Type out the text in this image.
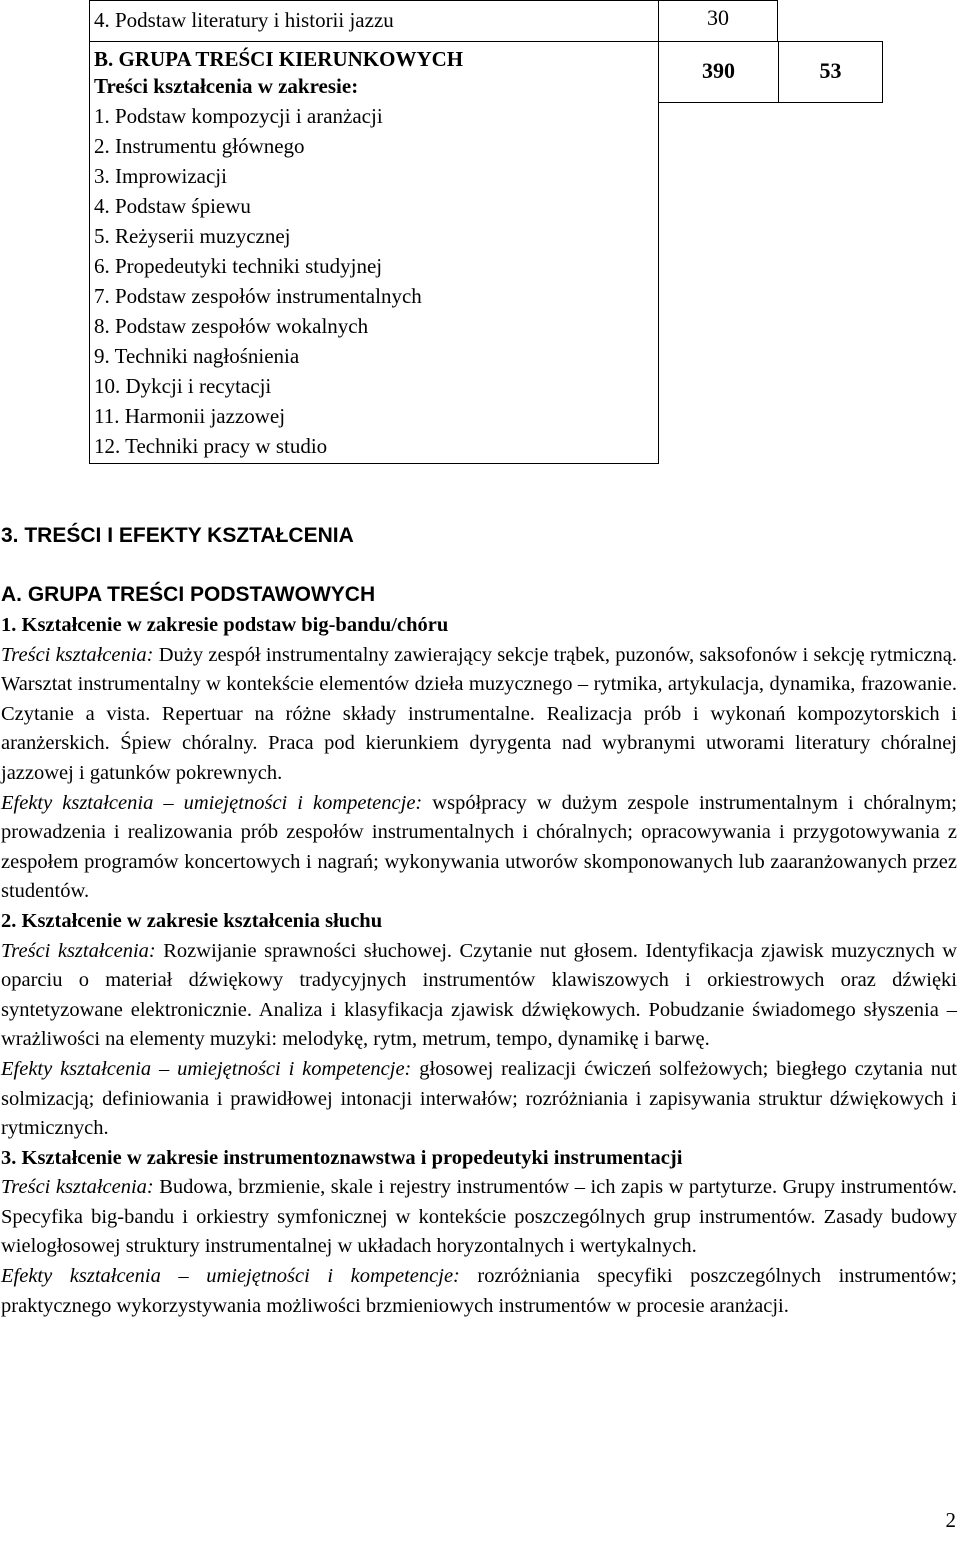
4. Podstaw literatury i historii jazzu	30
B. GRUPA TREŚCI KIERUNKOWYCH
Treści kształcenia w zakresie:
1. Podstaw kompozycji i aranżacji
2. Instrumentu głównego
3. Improwizacji
4. Podstaw śpiewu
5. Reżyserii muzycznej
6. Propedeutyki techniki studyjnej
7. Podstaw zespołów instrumentalnych
8. Podstaw zespołów wokalnych
9. Techniki nagłośnienia
10. Dykcji i recytacji
11. Harmonii jazzowej
12. Techniki pracy w studio
390	53
3. TREŚCI I EFEKTY KSZTAŁCENIA
A. GRUPA TREŚCI PODSTAWOWYCH
1. Kształcenie w zakresie podstaw big-bandu/chóru

Treści kształcenia: Duży zespół instrumentalny zawierający sekcje trąbek, puzonów, saksofonów i sekcję rytmiczną. Warsztat instrumentalny w kontekście elementów dzieła muzycznego – rytmika, artykulacja, dynamika, frazowanie. Czytanie a vista. Repertuar na różne składy instrumentalne. Realizacja prób i wykonań kompozytorskich i aranżerskich. Śpiew chóralny. Praca pod kierunkiem dyrygenta nad wybranymi utworami literatury chóralnej jazzowej i gatunków pokrewnych.

Efekty kształcenia – umiejętności i kompetencje: współpracy w dużym zespole instrumentalnym i chóralnym; prowadzenia i realizowania prób zespołów instrumentalnych i chóralnych; opracowywania i przygotowywania z zespołem programów koncertowych i nagrań; wykonywania utworów skomponowanych lub zaaranżowanych przez studentów.

2. Kształcenie w zakresie kształcenia słuchu

Treści kształcenia: Rozwijanie sprawności słuchowej. Czytanie nut głosem. Identyfikacja zjawisk muzycznych w oparciu o materiał dźwiękowy tradycyjnych instrumentów klawiszowych i orkiestrowych oraz dźwięki syntetyzowane elektronicznie. Analiza i klasyfikacja zjawisk dźwiękowych. Pobudzanie świadomego słyszenia – wrażliwości na elementy muzyki: melodykę, rytm, metrum, tempo, dynamikę i barwę.

Efekty kształcenia – umiejętności i kompetencje: głosowej realizacji ćwiczeń solfeżowych; biegłego czytania nut solmizacją; definiowania i prawidłowej intonacji interwałów; rozróżniania i zapisywania struktur dźwiękowych i rytmicznych.

3. Kształcenie w zakresie instrumentoznawstwa i propedeutyki instrumentacji

Treści kształcenia: Budowa, brzmienie, skale i rejestry instrumentów – ich zapis w partyturze. Grupy instrumentów. Specyfika big-bandu i orkiestry symfonicznej w kontekście poszczególnych grup instrumentów. Zasady budowy wielogłosowej struktury instrumentalnej w układach horyzontalnych i wertykalnych.

Efekty kształcenia – umiejętności i kompetencje: rozróżniania specyfiki poszczególnych instrumentów; praktycznego wykorzystywania możliwości brzmieniowych instrumentów w procesie aranżacji.

2
